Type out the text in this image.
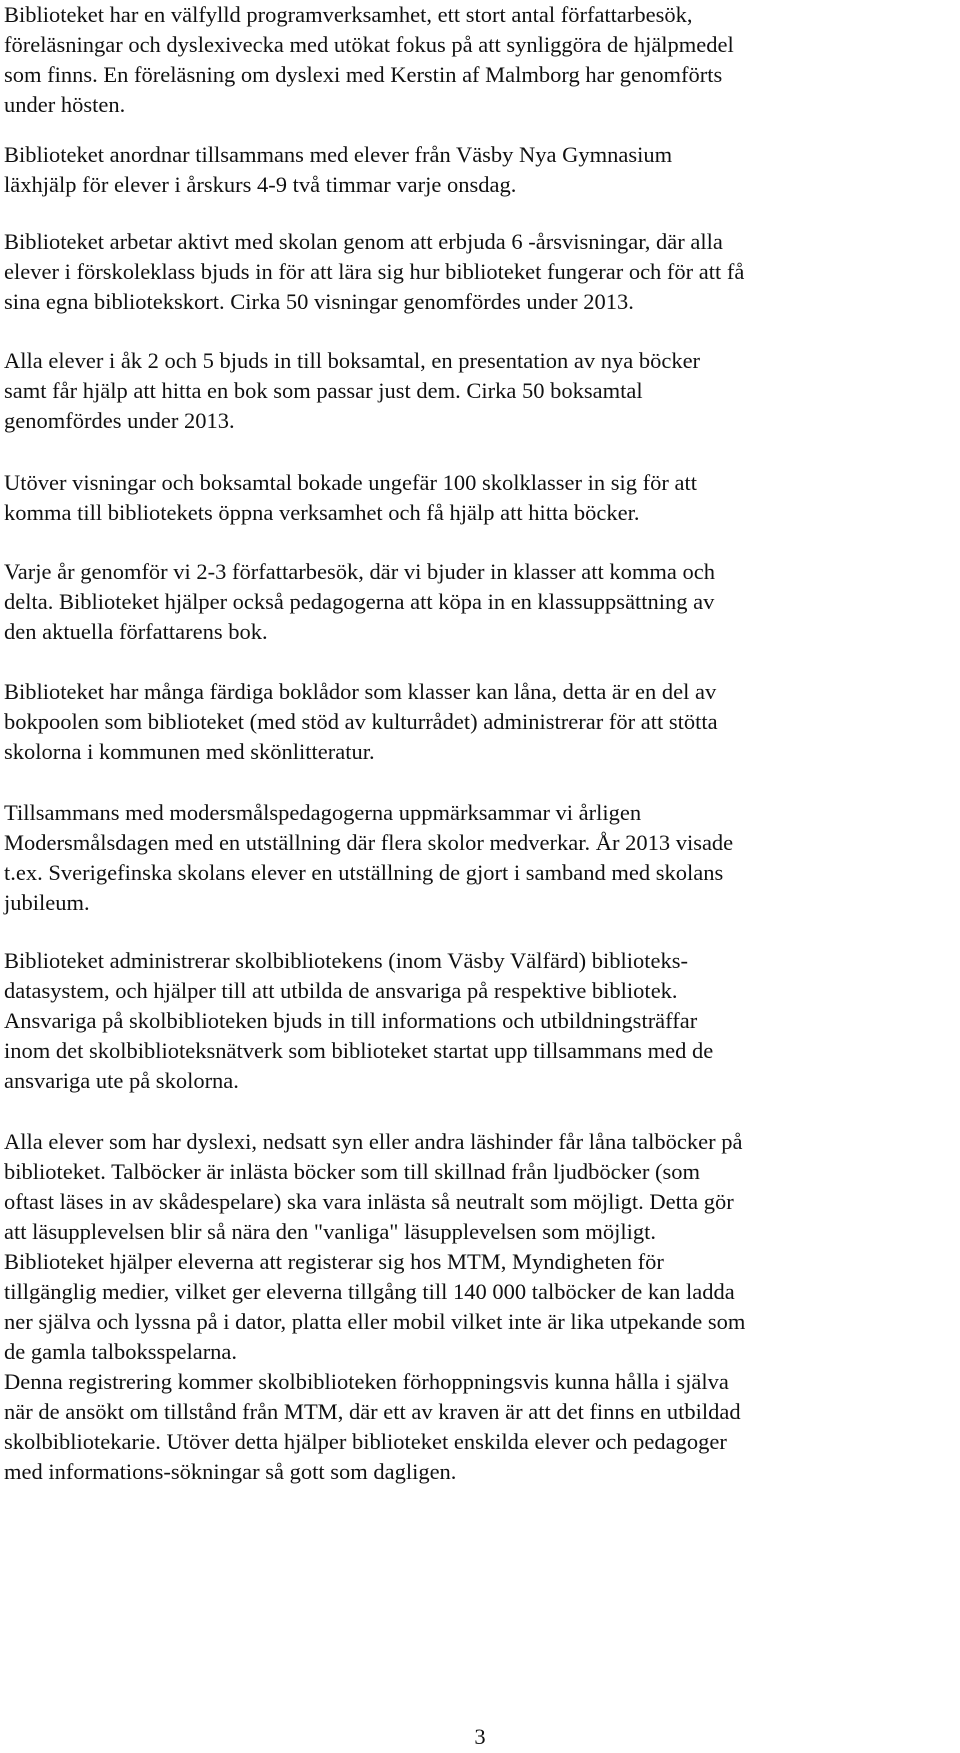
Biblioteket har en välfylld programverksamhet, ett stort antal författarbesök,
föreläsningar och dyslexivecka med utökat fokus på att synliggöra de hjälpmedel
som finns. En föreläsning om dyslexi med Kerstin af Malmborg har genomförts
under hösten.
Biblioteket anordnar tillsammans med elever från Väsby Nya Gymnasium
läxhjälp för elever i årskurs 4-9 två timmar varje onsdag.
Biblioteket arbetar aktivt med skolan genom att erbjuda 6 -årsvisningar, där alla
elever i förskoleklass bjuds in för att lära sig hur biblioteket fungerar och för att få
sina egna bibliotekskort. Cirka 50 visningar genomfördes under 2013.
Alla elever i åk 2 och 5 bjuds in till boksamtal, en presentation av nya böcker
samt får hjälp att hitta en bok som passar just dem. Cirka 50 boksamtal
genomfördes under 2013.
Utöver visningar och boksamtal bokade ungefär 100 skolklasser in sig för att
komma till bibliotekets öppna verksamhet och få hjälp att hitta böcker.
Varje år genomför vi 2-3 författarbesök, där vi bjuder in klasser att komma och
delta. Biblioteket hjälper också pedagogerna att köpa in en klassuppsättning av
den aktuella författarens bok.
Biblioteket har många färdiga boklådor som klasser kan låna, detta är en del av
bokpoolen som biblioteket (med stöd av kulturrådet) administrerar för att stötta
skolorna i kommunen med skönlitteratur.
Tillsammans med modersmålspedagogerna uppmärksammar vi årligen
Modersmålsdagen med en utställning där flera skolor medverkar. År 2013 visade
t.ex. Sverigefinska skolans elever en utställning de gjort i samband med skolans
jubileum.
Biblioteket administrerar skolbibliotekens (inom Väsby Välfärd) biblioteks-
datasystem, och hjälper till att utbilda de ansvariga på respektive bibliotek.
Ansvariga på skolbiblioteken bjuds in till informations och utbildningsträffar
inom det skolbiblioteksnätverk som biblioteket startat upp tillsammans med de
ansvariga ute på skolorna.
Alla elever som har dyslexi, nedsatt syn eller andra läshinder får låna talböcker på
biblioteket. Talböcker är inlästa böcker som till skillnad från ljudböcker (som
oftast läses in av skådespelare) ska vara inlästa så neutralt som möjligt. Detta gör
att läsupplevelsen blir så nära den "vanliga" läsupplevelsen som möjligt.
Biblioteket hjälper eleverna att registerar sig hos MTM, Myndigheten för
tillgänglig medier, vilket ger eleverna tillgång till 140 000 talböcker de kan ladda
ner själva och lyssna på i dator, platta eller mobil vilket inte är lika utpekande som
de gamla talboksspelarna.
Denna registrering kommer skolbiblioteken förhoppningsvis kunna hålla i själva
när de ansökt om tillstånd från MTM, där ett av kraven är att det finns en utbildad
skolbibliotekarie. Utöver detta hjälper biblioteket enskilda elever och pedagoger
med informations-sökningar så gott som dagligen.
3
